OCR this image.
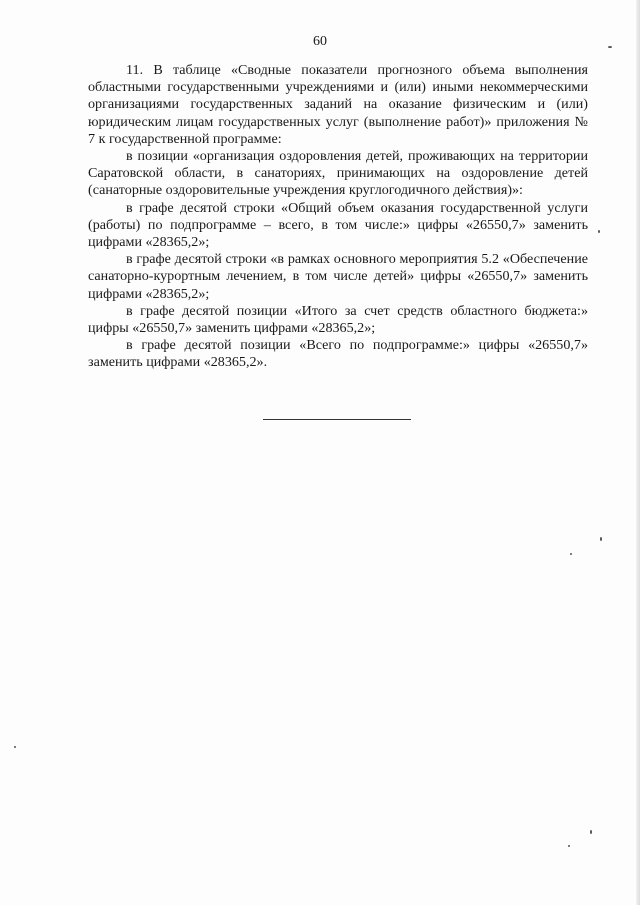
60

11. В таблице «Сводные показатели прогнозного объема выполнения областными государственными учреждениями и (или) иными некоммерческими организациями государственных заданий на оказание физическим и (или) юридическим лицам государственных услуг (выполнение работ)» приложения № 7 к государственной программе:

в позиции «организация оздоровления детей, проживающих на территории Саратовской области, в санаториях, принимающих на оздоровление детей (санаторные оздоровительные учреждения круглогодичного действия)»:

в графе десятой строки «Общий объем оказания государственной услуги (работы) по подпрограмме – всего, в том числе:» цифры «26550,7» заменить цифрами «28365,2»;

в графе десятой строки «в рамках основного мероприятия 5.2 «Обеспечение санаторно-курортным лечением, в том числе детей» цифры «26550,7» заменить цифрами «28365,2»;

в графе десятой позиции «Итого за счет средств областного бюджета:» цифры «26550,7» заменить цифрами «28365,2»;

в графе десятой позиции «Всего по подпрограмме:» цифры «26550,7» заменить цифрами «28365,2».
